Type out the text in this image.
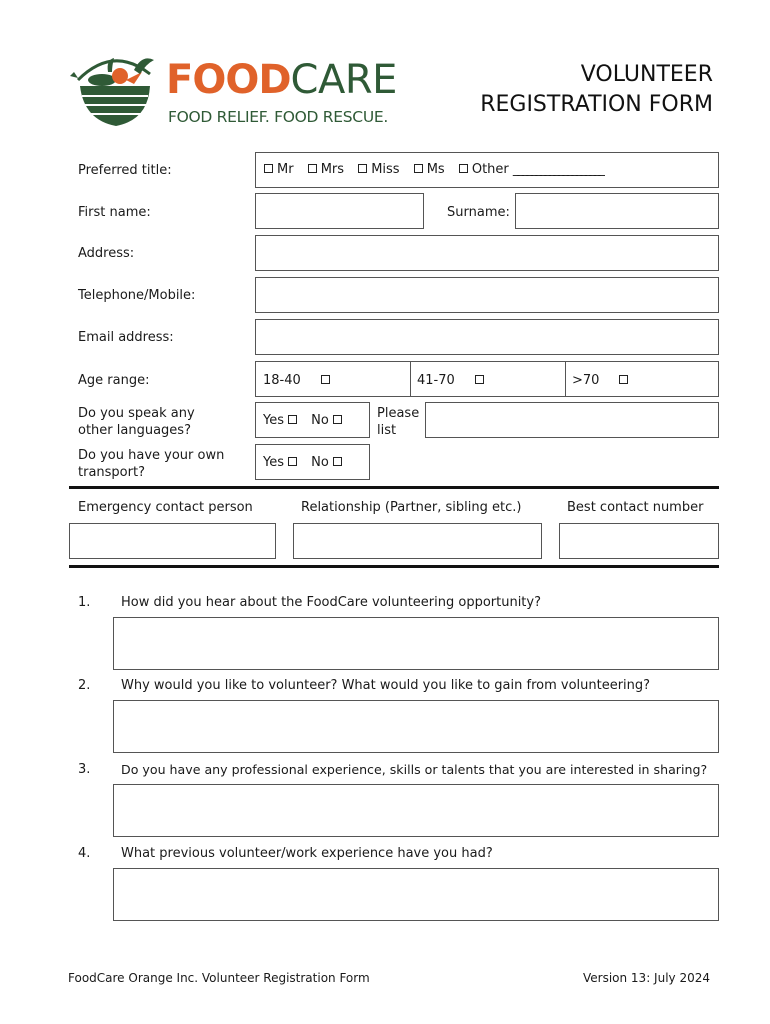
FOODCARE
FOOD RELIEF. FOOD RESCUE.
VOLUNTEER
REGISTRATION FORM
Preferred title:	Mr Mrs Miss Ms Other ____________________
First name:	Surname:
Address:
Telephone/Mobile:
Email address:
Age range:	18-40	41-70	>70
Do you speak any
other languages?
Yes No	Please
list
Do you have your own
transport?
Yes No
Emergency contact person	Relationship (Partner, sibling etc.)	Best contact number
1. How did you hear about the FoodCare volunteering opportunity?
2. Why would you like to volunteer? What would you like to gain from volunteering?
3. Do you have any professional experience, skills or talents that you are interested in sharing?
4. What previous volunteer/work experience have you had?
FoodCare Orange Inc. Volunteer Registration Form	Version 13: July 2024
